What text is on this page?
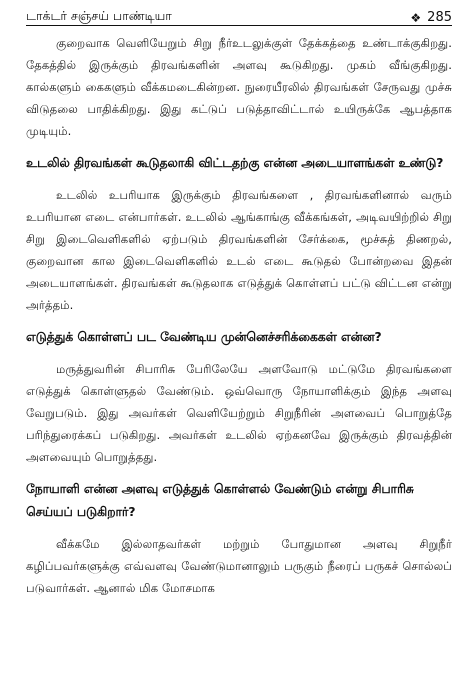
டாக்டர் சஞ்சய் பாண்டியா	❖ 285

குறைவாக வெளியேறும் சிறு நீர்உடலுக்குள் தேக்கத்தை உண்டாக்குகிறது. தேகத்தில் இருக்கும் திரவங்களின் அளவு கூடுகிறது. முகம் வீங்குகிறது. கால்களும் கைகளும் வீக்கமடைகின்றன. நுரையீரலில் திரவங்கள் சேருவது முச்சு விடுதலை பாதிக்கிறது. இது கட்டுப் படுத்தாவிட்டால் உயிருக்கே ஆபத்தாக முடியும்.

உடலில் திரவங்கள் கூடுதலாகி விட்டதற்கு என்ன அடையாளங்கள் உண்டு?

உடலில் உபரியாக இருக்கும் திரவங்களை , திரவங்களினால் வரும் உபரியான எடை என்பார்கள். உடலில் ஆங்காங்கு வீக்கங்கள், அடிவயிற்றில் சிறு சிறு இடைவெளிகளில் ஏற்படும் திரவங்களின் சேர்க்கை, மூச்சுத் திணறல், குறைவான கால இடைவெளிகளில் உடல் எடை கூடுதல் போன்றவை இதன் அடையாளங்கள். திரவங்கள் கூடுதலாக எடுத்துக் கொள்ளப் பட்டு விட்டன என்று அர்த்தம்.

எடுத்துக் கொள்ளப் பட வேண்டிய முன்னெச்சரிக்கைகள் என்ன?

மருத்துவரின் சிபாரிசு பேரிலேயே அளவோடு மட்டுமே திரவங்களை எடுத்துக் கொள்ளுதல் வேண்டும். ஒவ்வொரு நோயாளிக்கும் இந்த அளவு வேறுபடும். இது அவர்கள் வெளியேற்றும் சிறுநீரின் அளவைப் பொறுத்தே பரிந்துரைக்கப் படுகிறது. அவர்கள் உடலில் ஏற்கனவே இருக்கும் திரவத்தின் அளவையும் பொறுத்தது.

நோயாளி என்ன அளவு எடுத்துக் கொள்ளல் வேண்டும் என்று சிபாரிசு செய்யப் படுகிறார்?

வீக்கமே இல்லாதவர்கள் மற்றும் போதுமான அளவு சிறுநீர் கழிப்பவர்களுக்கு எவ்வளவு வேண்டுமானாலும் பருகும் நீரைப் பருகச் சொல்லப் படுவார்கள். ஆனால் மிக மோசமாக
